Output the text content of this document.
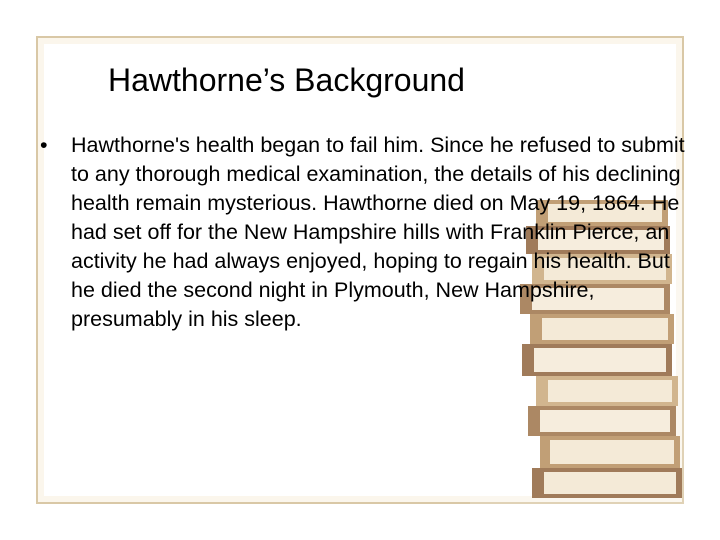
Hawthorne’s Background
• Hawthorne's health began to fail him. Since he refused to submit to any thorough medical examination, the details of his declining health remain mysterious. Hawthorne died on May 19, 1864. He had set off for the New Hampshire hills with Franklin Pierce, an activity he had always enjoyed, hoping to regain his health. But he died the second night in Plymouth, New Hampshire, presumably in his sleep.
